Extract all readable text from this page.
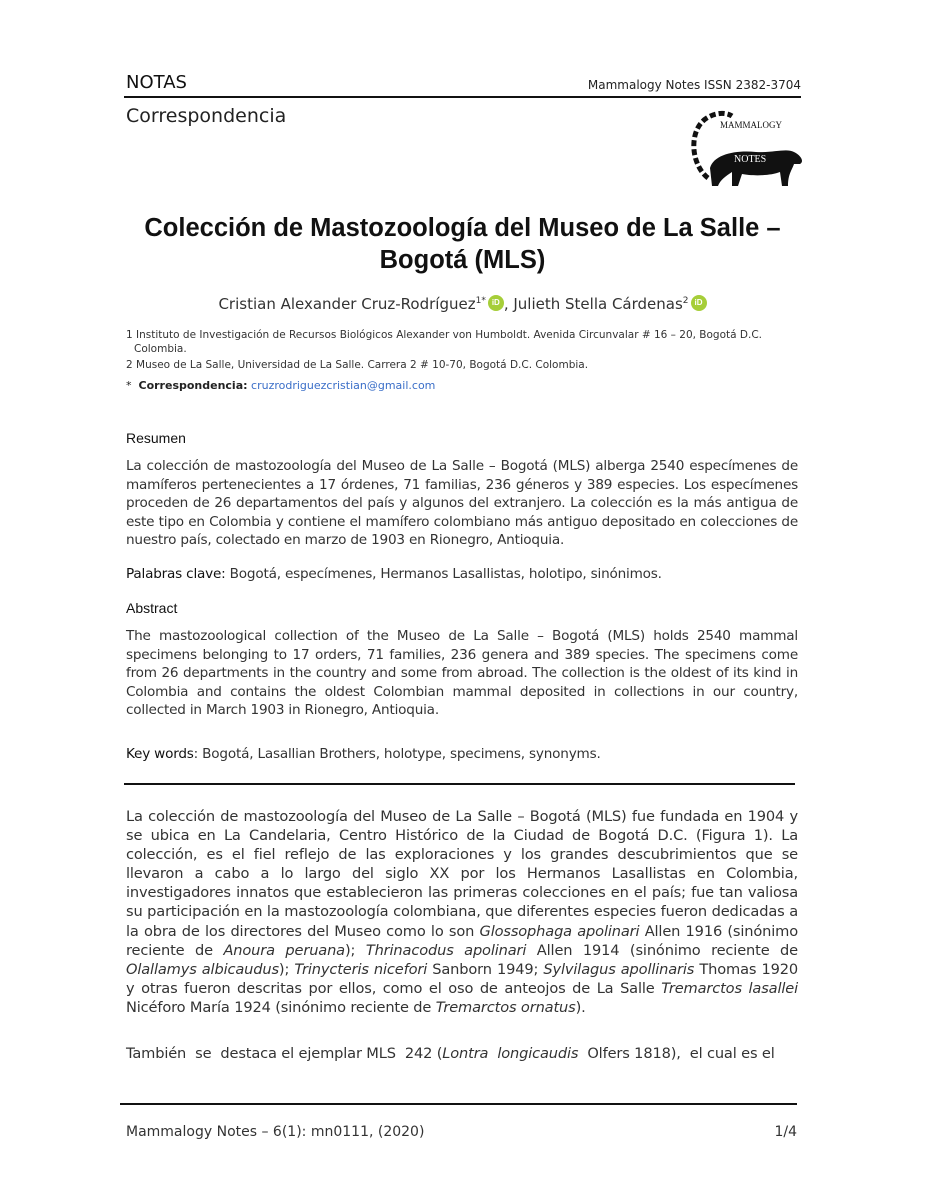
NOTAS	Mammalogy Notes ISSN 2382-3704
Correspondencia	MAMMALOGY
NOTES
Colección de Mastozoología del Museo de La Salle –
Bogotá (MLS)
Cristian Alexander Cruz-Rodríguez$^{1*}$ iD , Julieth Stella Cárdenas$^2$ iD
1 Instituto de Investigación de Recursos Biológicos Alexander von Humboldt. Avenida Circunvalar # 16 – 20, Bogotá D.C.
Colombia.
2 Museo de La Salle, Universidad de La Salle. Carrera 2 # 10-70, Bogotá D.C. Colombia.
* Correspondencia: cruzrodriguezcristian@gmail.com
Resumen
La colección de mastozoología del Museo de La Salle – Bogotá (MLS) alberga 2540 especímenes de mamíferos pertenecientes a 17 órdenes, 71 familias, 236 géneros y 389 especies. Los especímenes proceden de 26 departamentos del país y algunos del extranjero. La colección es la más antigua de este tipo en Colombia y contiene el mamífero colombiano más antiguo depositado en colecciones de nuestro país, colectado en marzo de 1903 en Rionegro, Antioquia.
Palabras clave: Bogotá, especímenes, Hermanos Lasallistas, holotipo, sinónimos.
Abstract
The mastozoological collection of the Museo de La Salle – Bogotá (MLS) holds 2540 mammal specimens belonging to 17 orders, 71 families, 236 genera and 389 species. The specimens come from 26 departments in the country and some from abroad. The collection is the oldest of its kind in Colombia and contains the oldest Colombian mammal deposited in collections in our country, collected in March 1903 in Rionegro, Antioquia.
Key words: Bogotá, Lasallian Brothers, holotype, specimens, synonyms.
La colección de mastozoología del Museo de La Salle – Bogotá (MLS) fue fundada en 1904 y se ubica en La Candelaria, Centro Histórico de la Ciudad de Bogotá D.C. (Figura 1). La colección, es el fiel reflejo de las exploraciones y los grandes descubrimientos que se llevaron a cabo a lo largo del siglo XX por los Hermanos Lasallistas en Colombia, investigadores innatos que establecieron las primeras colecciones en el país; fue tan valiosa su participación en la mastozoología colombiana, que diferentes especies fueron dedicadas a la obra de los directores del Museo como lo son Glossophaga apolinari Allen 1916 (sinónimo reciente de Anoura peruana); Thrinacodus apolinari Allen 1914 (sinónimo reciente de Olallamys albicaudus); Trinycteris nicefori Sanborn 1949; Sylvilagus apollinaris Thomas 1920 y otras fueron descritas por ellos, como el oso de anteojos de La Salle Tremarctos lasallei Nicéforo María 1924 (sinónimo reciente de Tremarctos ornatus).
También  se  destaca el ejemplar MLS  242 (Lontra  longicaudis  Olfers 1818),  el cual es el
Mammalogy Notes – 6(1): mn0111, (2020)	1/4
